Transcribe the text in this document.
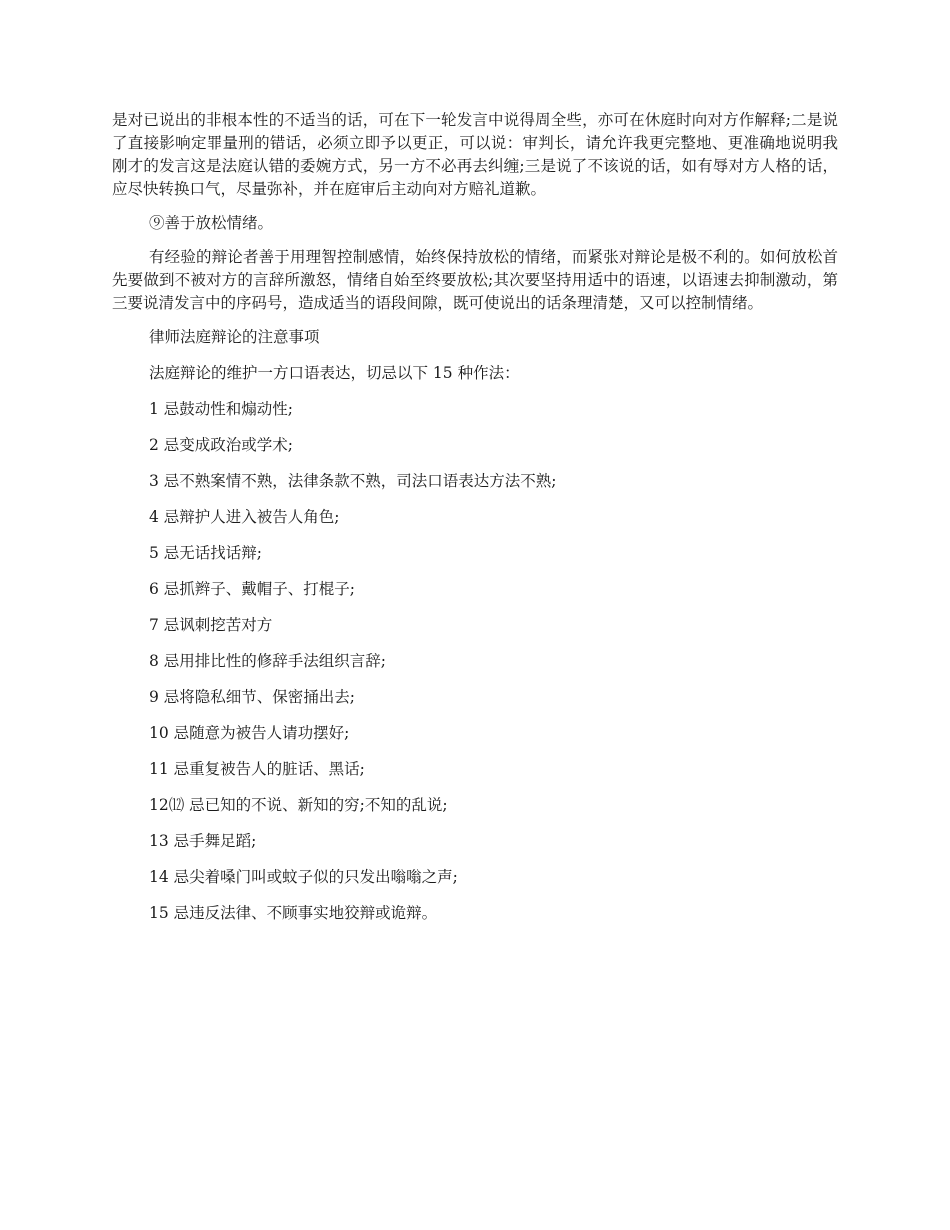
是对已说出的非根本性的不适当的话，可在下一轮发言中说得周全些，亦可在休庭时向对方作解释;二是说了直接影响定罪量刑的错话，必须立即予以更正，可以说：审判长，请允许我更完整地、更准确地说明我刚才的发言这是法庭认错的委婉方式，另一方不必再去纠缠;三是说了不该说的话，如有辱对方人格的话，应尽快转换口气，尽量弥补，并在庭审后主动向对方赔礼道歉。

⑨善于放松情绪。

有经验的辩论者善于用理智控制感情，始终保持放松的情绪，而紧张对辩论是极不利的。如何放松首先要做到不被对方的言辞所激怒，情绪自始至终要放松;其次要坚持用适中的语速，以语速去抑制激动，第三要说清发言中的序码号，造成适当的语段间隙，既可使说出的话条理清楚，又可以控制情绪。

律师法庭辩论的注意事项
法庭辩论的维护一方口语表达，切忌以下 15 种作法：
1 忌鼓动性和煽动性;
2 忌变成政治或学术;
3 忌不熟案情不熟，法律条款不熟，司法口语表达方法不熟;
4 忌辩护人进入被告人角色;
5 忌无话找话辩;
6 忌抓辫子、戴帽子、打棍子;
7 忌讽刺挖苦对方
8 忌用排比性的修辞手法组织言辞;
9 忌将隐私细节、保密捅出去;
10 忌随意为被告人请功摆好;
11 忌重复被告人的脏话、黑话;
12⑿ 忌已知的不说、新知的穷;不知的乱说;
13 忌手舞足蹈;
14 忌尖着嗓门叫或蚊子似的只发出嗡嗡之声;
15 忌违反法律、不顾事实地狡辩或诡辩。
